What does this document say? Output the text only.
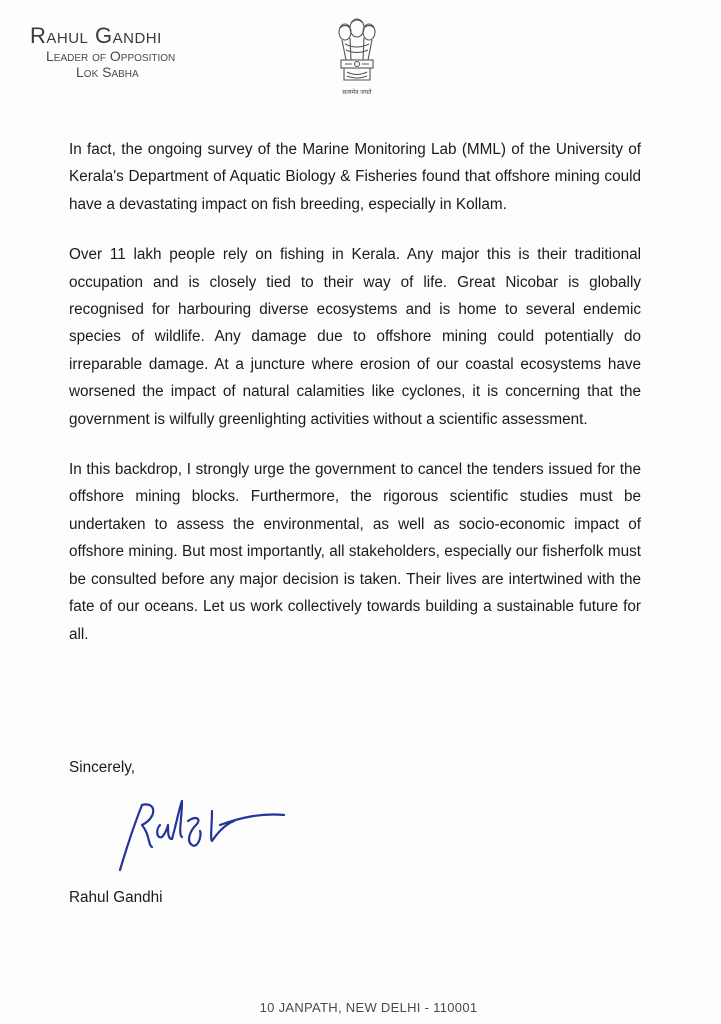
Rahul Gandhi
Leader of Opposition
Lok Sabha
सत्यमेव जयते

In fact, the ongoing survey of the Marine Monitoring Lab (MML) of the University of Kerala's Department of Aquatic Biology & Fisheries found that offshore mining could have a devastating impact on fish breeding, especially in Kollam.

Over 11 lakh people rely on fishing in Kerala. Any major this is their traditional occupation and is closely tied to their way of life. Great Nicobar is globally recognised for harbouring diverse ecosystems and is home to several endemic species of wildlife. Any damage due to offshore mining could potentially do irreparable damage. At a juncture where erosion of our coastal ecosystems have worsened the impact of natural calamities like cyclones, it is concerning that the government is wilfully greenlighting activities without a scientific assessment.

In this backdrop, I strongly urge the government to cancel the tenders issued for the offshore mining blocks. Furthermore, the rigorous scientific studies must be undertaken to assess the environmental, as well as socio-economic impact of offshore mining. But most importantly, all stakeholders, especially our fisherfolk must be consulted before any major decision is taken. Their lives are intertwined with the fate of our oceans. Let us work collectively towards building a sustainable future for all.

Sincerely,
Rahul Gandhi
10 JANPATH, NEW DELHI - 110001
